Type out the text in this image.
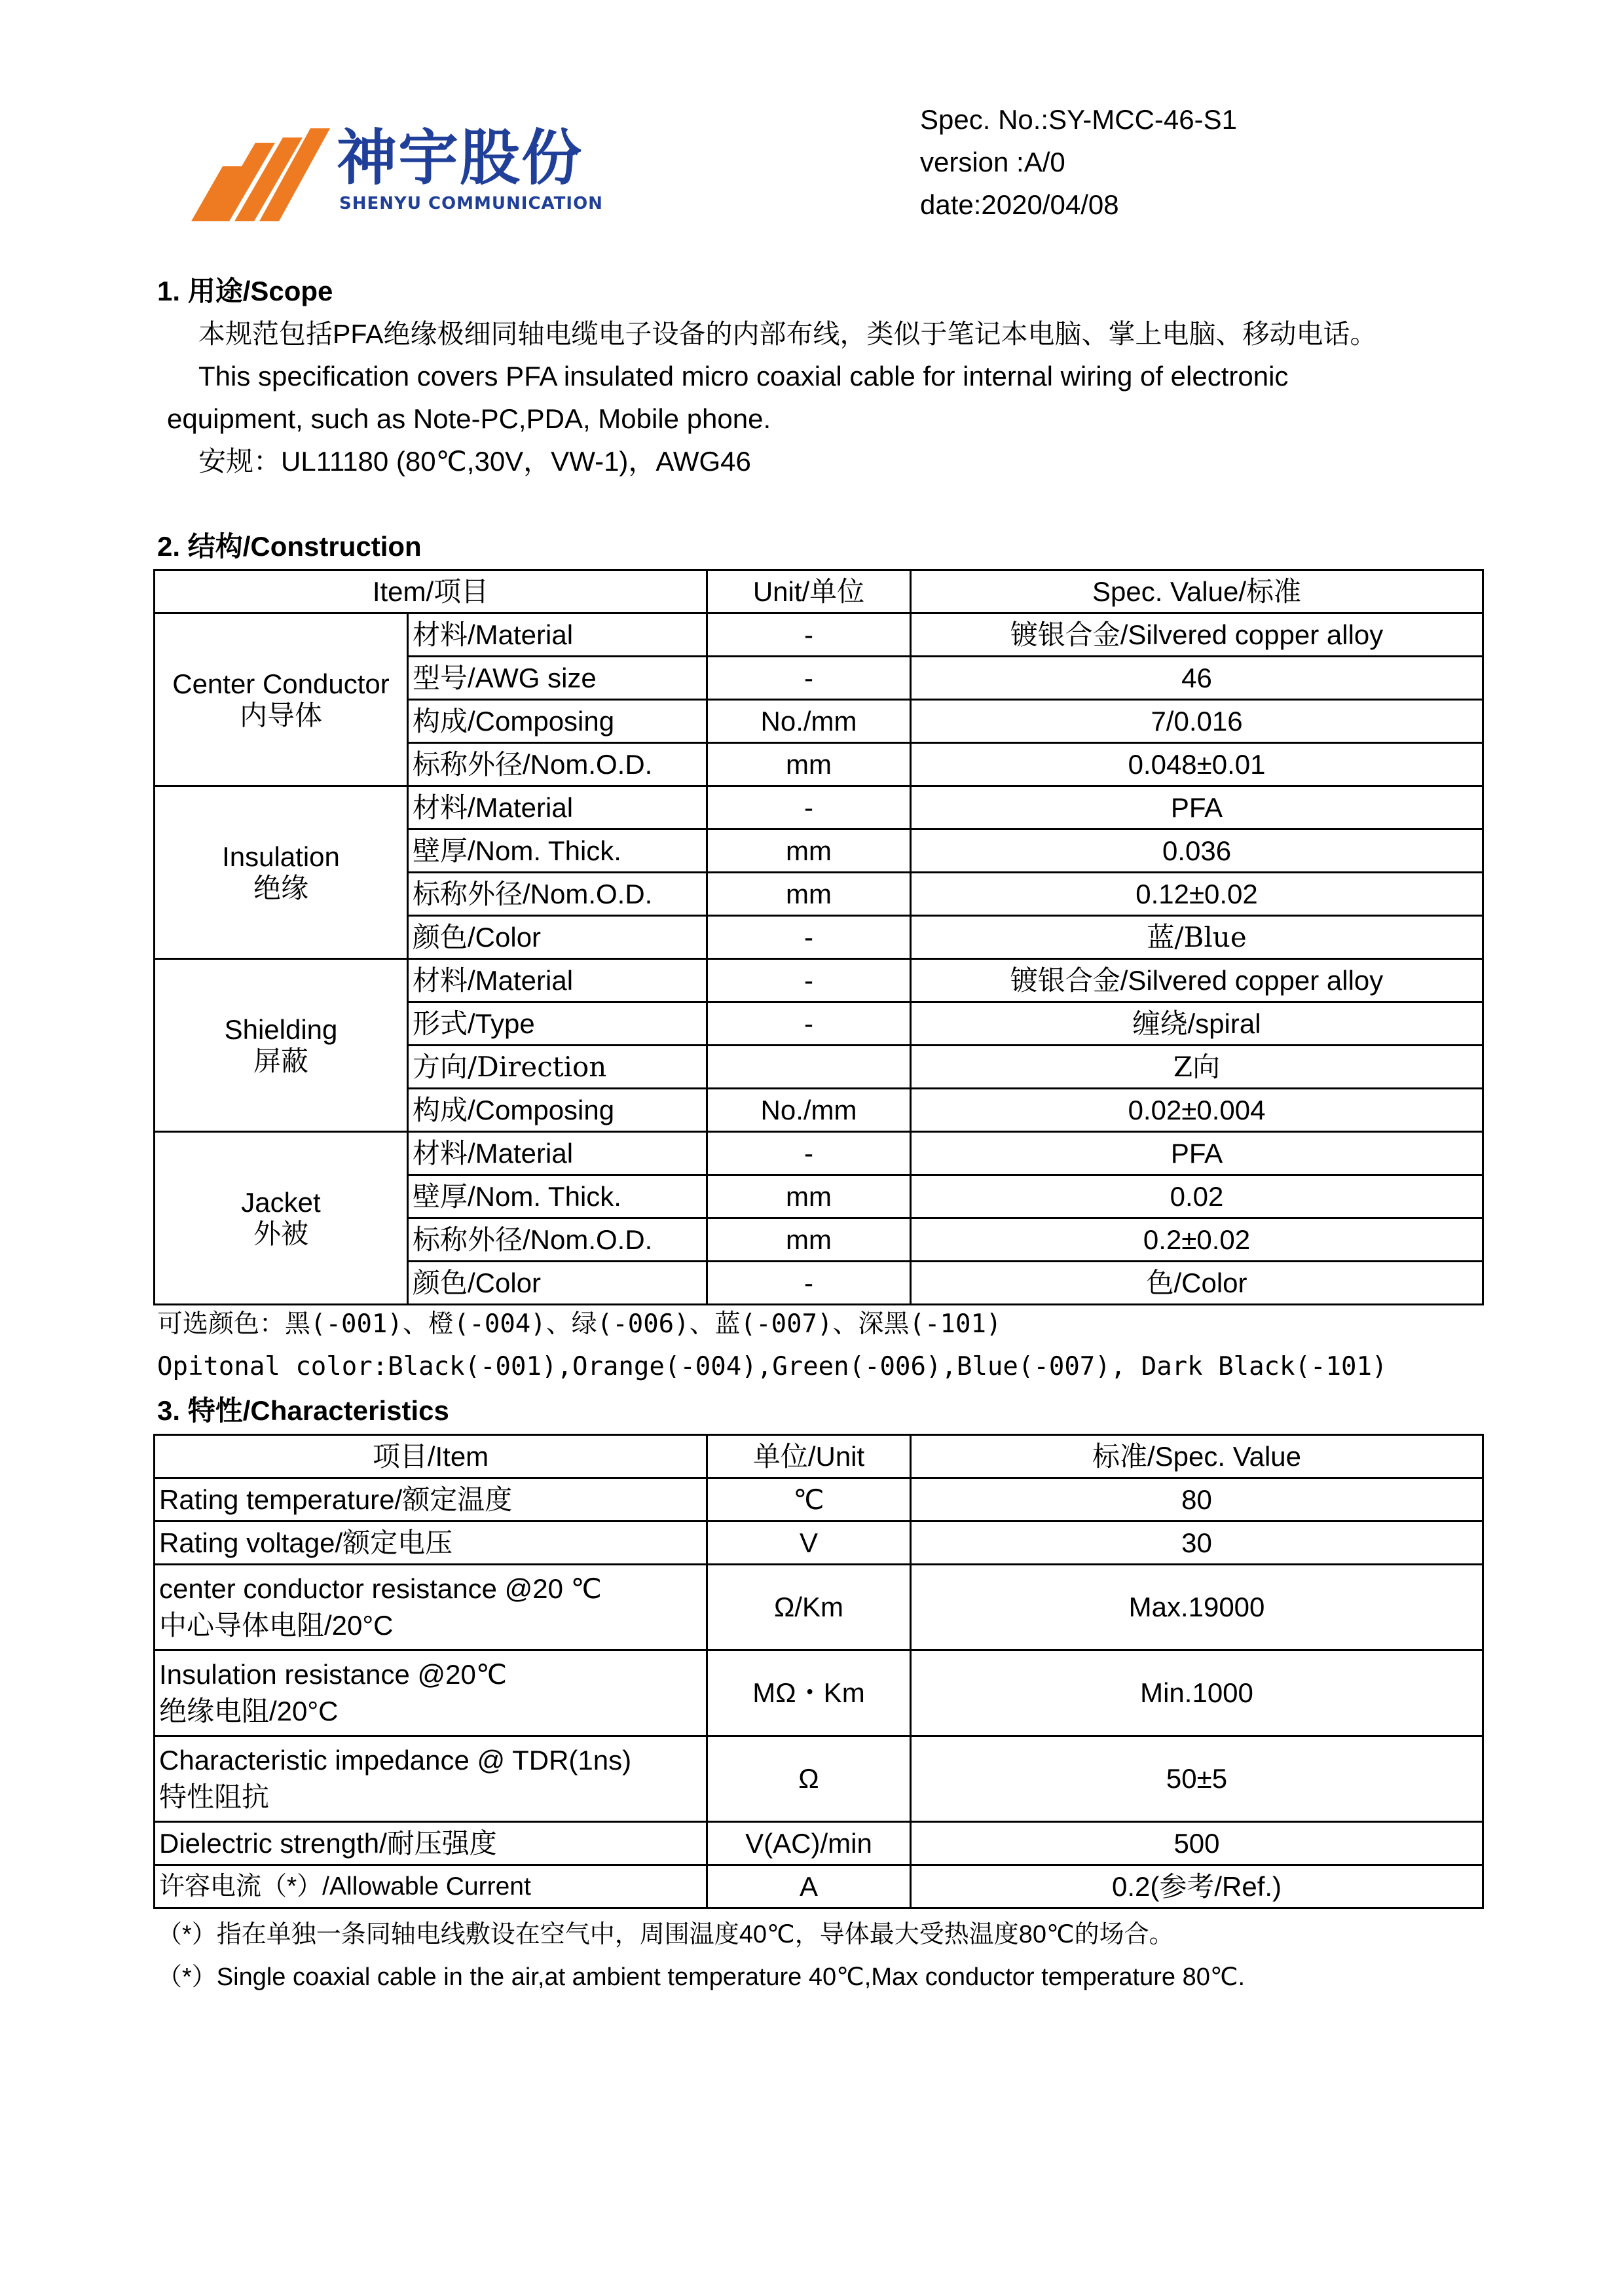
神宇股份
SHENYU COMMUNICATION
Spec. No.:SY-MCC-46-S1
version :A/0
date:2020/04/08
1. 用途/Scope
本规范包括PFA绝缘极细同轴电缆电子设备的内部布线，类似于笔记本电脑、掌上电脑、移动电话。
This specification covers PFA insulated micro coaxial cable for internal wiring of electronic
equipment, such as Note-PC,PDA, Mobile phone.
安规：UL11180 (80℃,30V，VW-1)，AWG46
2. 结构/Construction
Item/项目		Unit/单位	Spec. Value/标准
Center Conductor
内导体	材料/Material	-	镀银合金/Silvered copper alloy
	型号/AWG size	-	46
	构成/Composing	No./mm	7/0.016
	标称外径/Nom.O.D.	mm	0.048±0.01
Insulation
绝缘	材料/Material	-	PFA
	壁厚/Nom. Thick.	mm	0.036
	标称外径/Nom.O.D.	mm	0.12±0.02
	颜色/Color	-	蓝/Blue
Shielding
屏蔽	材料/Material	-	镀银合金/Silvered copper alloy
	形式/Type	-	缠绕/spiral
	方向/Direction		Z向
	构成/Composing	No./mm	0.02±0.004
Jacket
外被	材料/Material	-	PFA
	壁厚/Nom. Thick.	mm	0.02
	标称外径/Nom.O.D.	mm	0.2±0.02
	颜色/Color	-	色/Color
可选颜色：黑(-001)、橙(-004)、绿(-006)、蓝(-007)、深黑(-101)
Opitonal color:Black(-001),Orange(-004),Green(-006),Blue(-007), Dark Black(-101)
3. 特性/Characteristics
项目/Item	单位/Unit	标准/Spec. Value
Rating temperature/额定温度	℃	80
Rating voltage/额定电压	V	30
center conductor resistance @20 ℃
中心导体电阻/20°C	Ω/Km	Max.19000
Insulation resistance @20℃
绝缘电阻/20°C	MΩ・Km	Min.1000
Characteristic impedance @ TDR(1ns)
特性阻抗	Ω	50±5
Dielectric strength/耐压强度	V(AC)/min	500
许容电流（*）/Allowable Current	A	0.2(参考/Ref.)
（*）指在单独一条同轴电线敷设在空气中，周围温度40℃，导体最大受热温度80℃的场合。
（*）Single coaxial cable in the air,at ambient temperature 40℃,Max conductor temperature 80℃.
